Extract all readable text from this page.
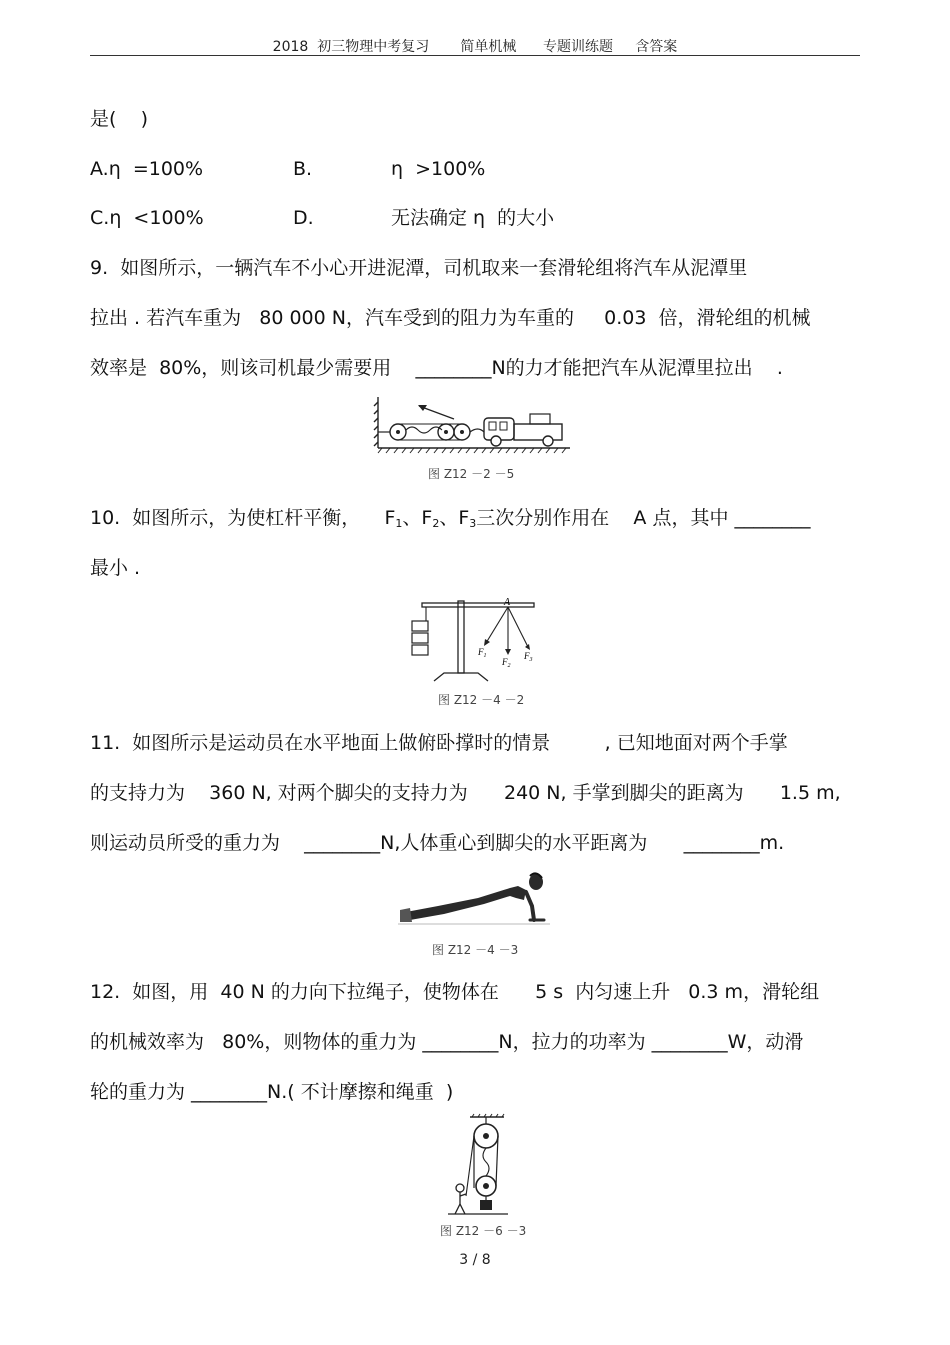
2018  初三物理中考复习       简单机械      专题训练题     含答案
是(    )
A.η  =100%	B.	η  >100%
C.η  <100%	D.	无法确定 η  的大小
9.  如图所示，一辆汽车不小心开进泥潭，司机取来一套滑轮组将汽车从泥潭里
拉出 . 若汽车重为   80 000 N，汽车受到的阻力为车重的     0.03  倍，滑轮组的机械
效率是  80%，则该司机最少需要用    ________N的力才能把汽车从泥潭里拉出    .
图 Z12 －2 －5
10.  如图所示，为使杠杆平衡，    F1、F2、F3三次分别作用在    A 点，其中 ________
最小 .
A
$F_1$
$F_2$
$F_3$
图 Z12 －4 －2
11.  如图所示是运动员在水平地面上做俯卧撑时的情景         , 已知地面对两个手掌
的支持力为    360 N, 对两个脚尖的支持力为      240 N, 手掌到脚尖的距离为      1.5 m,
则运动员所受的重力为    ________N,人体重心到脚尖的水平距离为      ________m.
图 Z12 －4 －3
12.  如图，用  40 N 的力向下拉绳子，使物体在      5 s  内匀速上升   0.3 m，滑轮组
的机械效率为   80%，则物体的重力为 ________N，拉力的功率为 ________W，动滑
轮的重力为 ________N.( 不计摩擦和绳重  )
图 Z12 －6 －3
3 / 8
